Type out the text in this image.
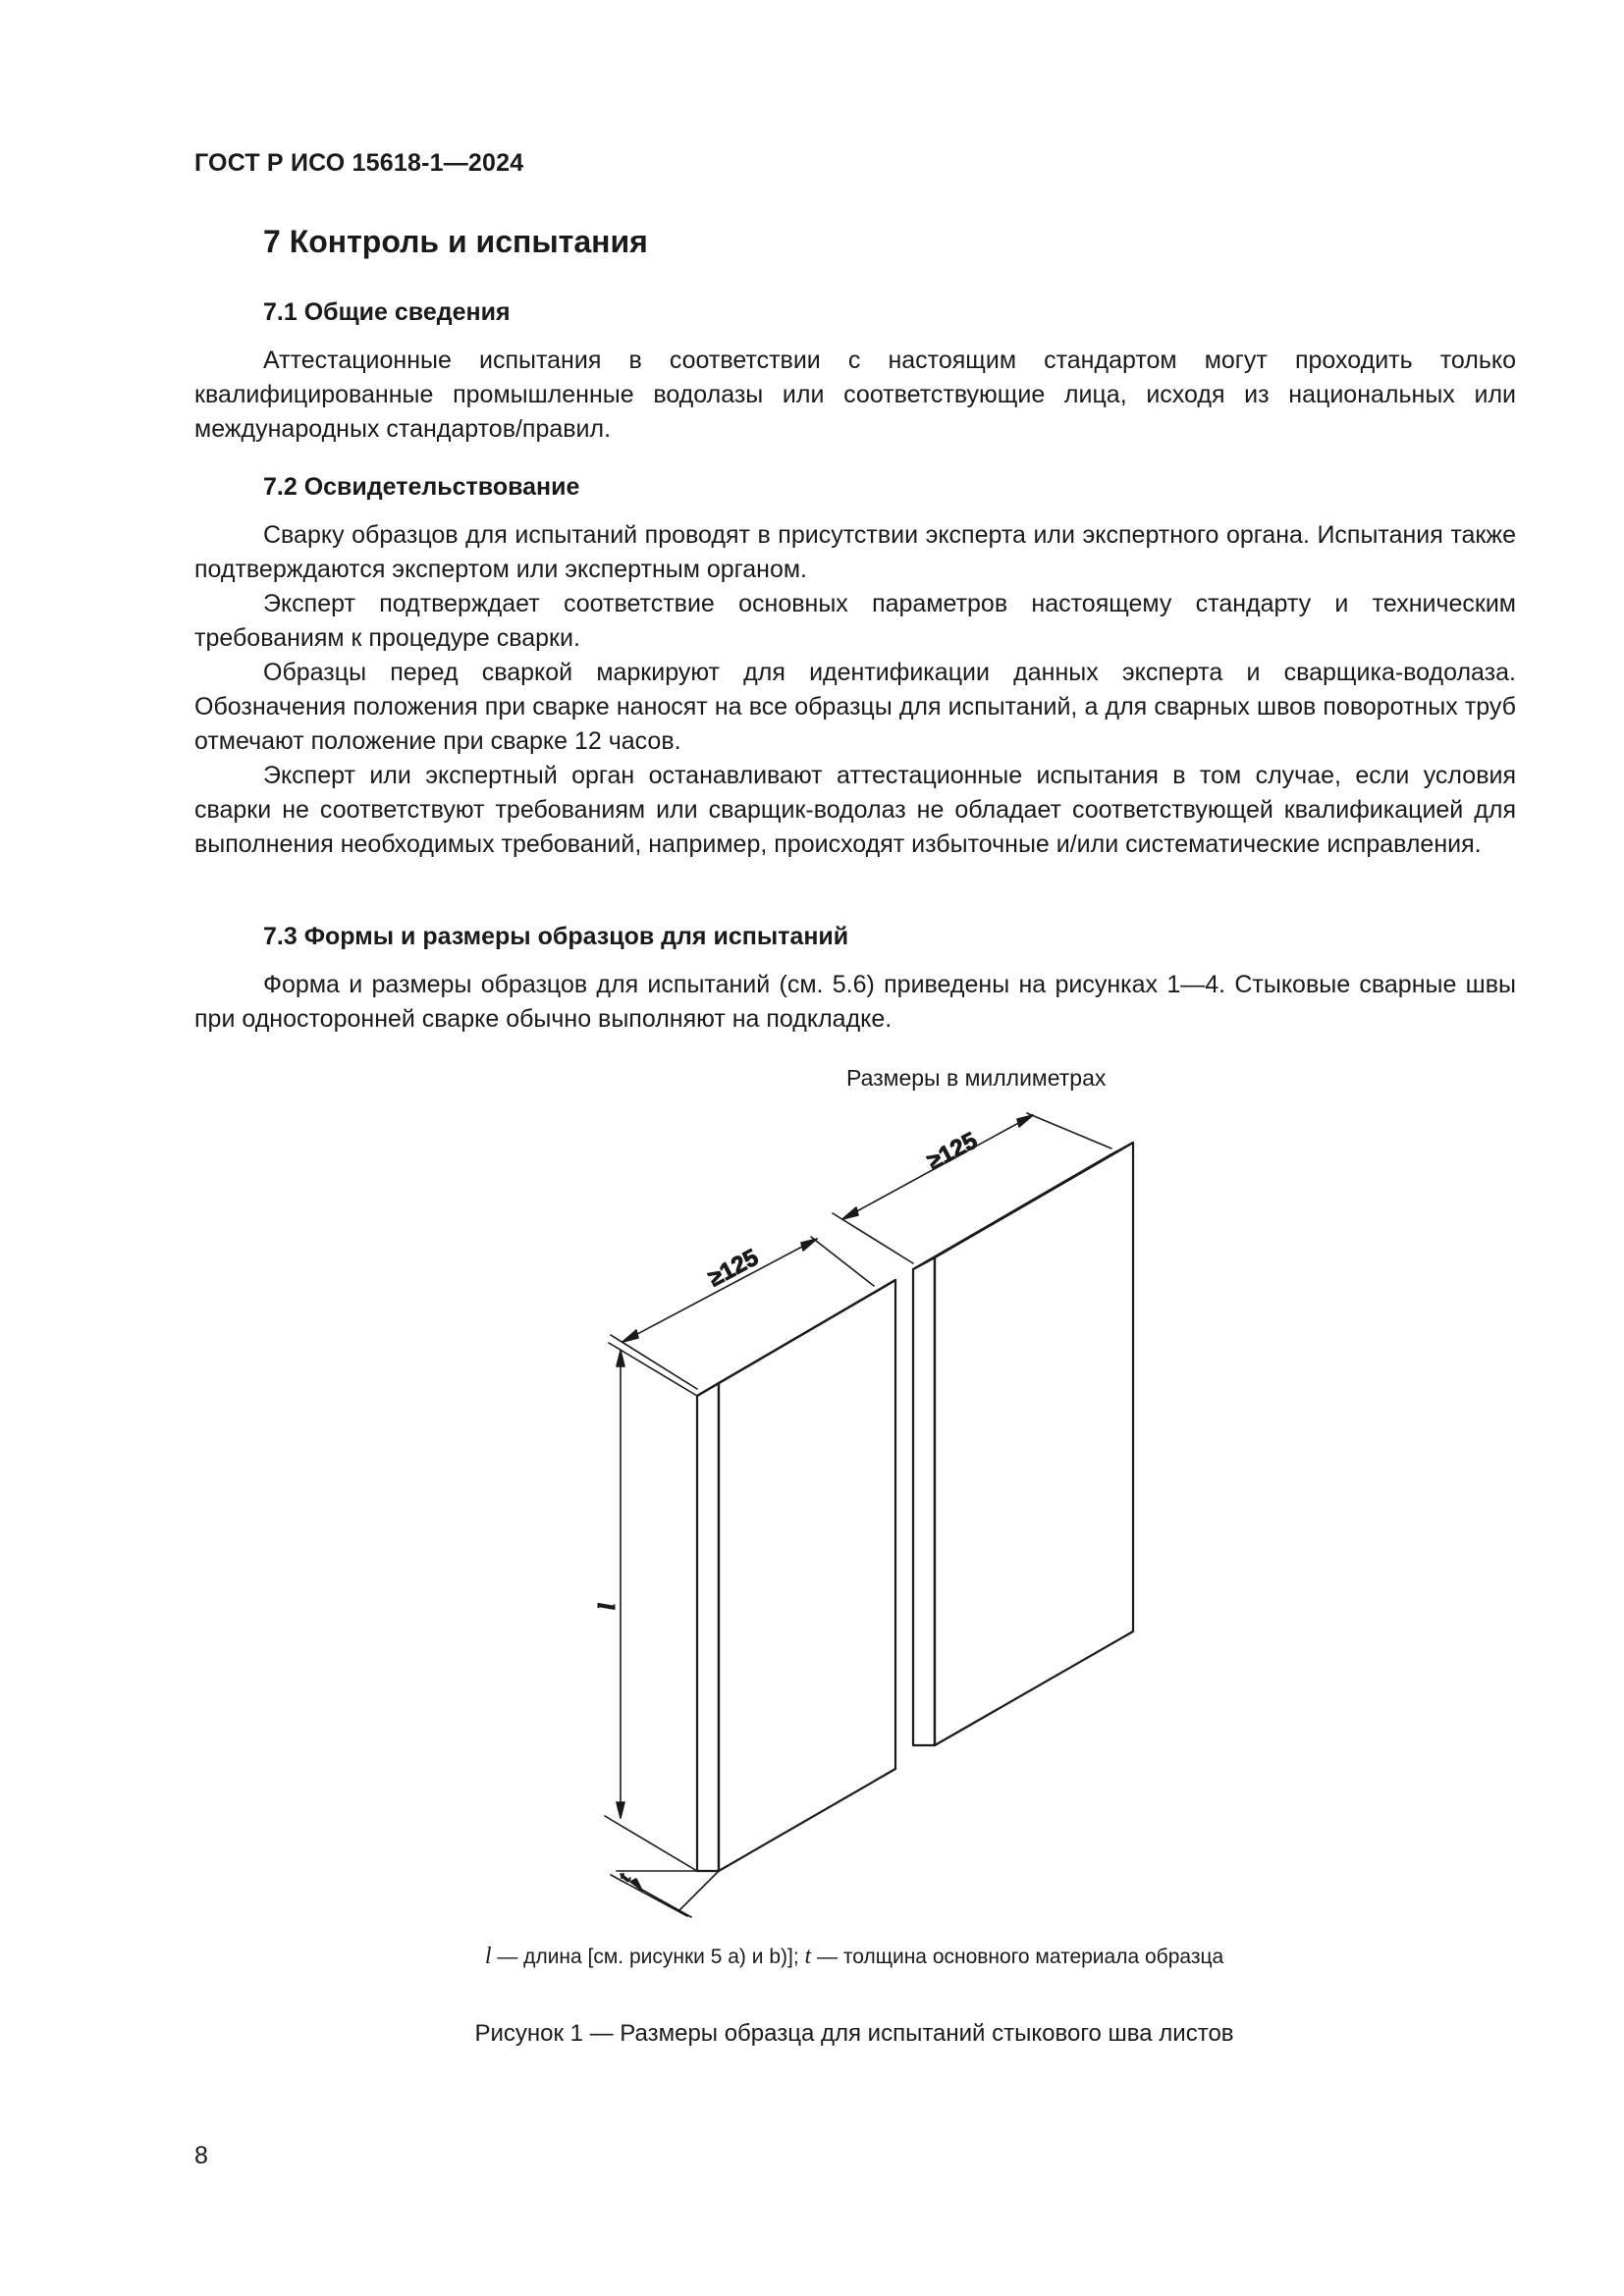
ГОСТ Р ИСО 15618-1—2024
7 Контроль и испытания
7.1 Общие сведения

Аттестационные испытания в соответствии с настоящим стандартом могут проходить только квалифицированные промышленные водолазы или соответствующие лица, исходя из национальных или международных стандартов/правил.

7.2 Освидетельствование

Сварку образцов для испытаний проводят в присутствии эксперта или экспертного органа. Испытания также подтверждаются экспертом или экспертным органом.

Эксперт подтверждает соответствие основных параметров настоящему стандарту и техническим требованиям к процедуре сварки.

Образцы перед сваркой маркируют для идентификации данных эксперта и сварщика-водолаза. Обозначения положения при сварке наносят на все образцы для испытаний, а для сварных швов поворотных труб отмечают положение при сварке 12 часов.

Эксперт или экспертный орган останавливают аттестационные испытания в том случае, если условия сварки не соответствуют требованиям или сварщик-водолаз не обладает соответствующей квалификацией для выполнения необходимых требований, например, происходят избыточные и/или систематические исправления.

7.3 Формы и размеры образцов для испытаний

Форма и размеры образцов для испытаний (см. 5.6) приведены на рисунках 1—4. Стыковые сварные швы при односторонней сварке обычно выполняют на подкладке.

Размеры в миллиметрах
≥125
≥125
l
t
l — длина [см. рисунки 5 a) и b)]; t — толщина основного материала образца
Рисунок 1 — Размеры образца для испытаний стыкового шва листов
8
